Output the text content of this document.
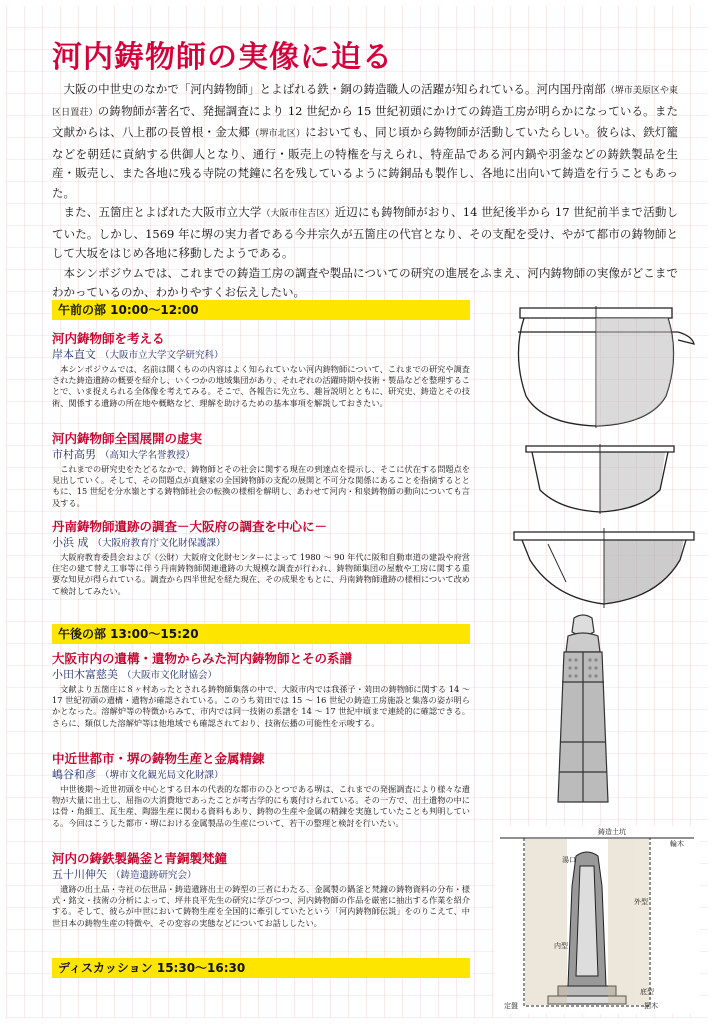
河内鋳物師の実像に迫る

大阪の中世史のなかで「河内鋳物師」とよばれる鉄・銅の鋳造職人の活躍が知られている。河内国丹南部（堺市美原区や東区日置荘）の鋳物師が著名で、発掘調査により 12 世紀から 15 世紀初頭にかけての鋳造工房が明らかになっている。また文献からは、八上郡の長曽根・金太郷（堺市北区）においても、同じ頃から鋳物師が活動していたらしい。彼らは、鉄灯籠などを朝廷に貢納する供御人となり、通行・販売上の特権を与えられ、特産品である河内鍋や羽釜などの鋳鉄製品を生産・販売し、また各地に残る寺院の梵鐘に名を残しているように鋳銅品も製作し、各地に出向いて鋳造を行うこともあった。

また、五箇庄とよばれた大阪市立大学（大阪市住吉区）近辺にも鋳物師がおり、14 世紀後半から 17 世紀前半まで活動していた。しかし、1569 年に堺の実力者である今井宗久が五箇庄の代官となり、その支配を受け、やがて都市の鋳物師として大坂をはじめ各地に移動したようである。

本シンポジウムでは、これまでの鋳造工房の調査や製品についての研究の進展をふまえ、河内鋳物師の実像がどこまでわかっているのか、わかりやすくお伝えしたい。

午前の部 10:00～12:00

河内鋳物師を考える

岸本直文 （大阪市立大学文学研究科）

本シンポジウムでは、名前は聞くものの内容はよく知られていない河内鋳物師について、これまでの研究や調査された鋳造遺跡の概要を紹介し、いくつかの地域集団があり、それぞれの活躍時期や技術・製品などを整理することで、いま捉えられる全体像を考えてみる。そこで、各報告に先立ち、趣旨説明とともに、研究史、鋳造とその技術、関係する遺跡の所在地や概略など、理解を助けるための基本事項を解説しておきたい。

河内鋳物師全国展開の虚実

市村高男 （高知大学名誉教授）

これまでの研究史をたどるなかで、鋳物師とその社会に関する現在の到達点を提示し、そこに伏在する問題点を見出していく。そして、その問題点が真継家の全国鋳物師の支配の展開と不可分な関係にあることを指摘するとともに、15 世紀を分水嶺とする鋳物師社会の転換の様相を解明し、あわせて河内・和泉鋳物師の動向についても言及する。

丹南鋳物師遺跡の調査－大阪府の調査を中心に－

小浜 成 （大阪府教育庁文化財保護課）

大阪府教育委員会および（公財）大阪府文化財センターによって 1980 ～ 90 年代に阪和自動車道の建設や府営住宅の建て替え工事等に伴う丹南鋳物師関連遺跡の大規模な調査が行われ、鋳物師集団の屋敷や工房に関する重要な知見が得られている。調査から四半世紀を経た現在、その成果をもとに、丹南鋳物師遺跡の様相について改めて検討してみたい。

午後の部 13:00～15:20

大阪市内の遺構・遺物からみた河内鋳物師とその系譜

小田木富慈美 （大阪市文化財協会）

文献より五箇庄に８ヶ村あったとされる鋳物師集落の中で、大阪市内では我孫子・苅田の鋳物師に関する 14 ～ 17 世紀初頭の遺構・遺物が確認されている。このうち苅田では 15 ～ 16 世紀の鋳造工房施設と集落の姿が明らかとなった。溶解炉等の特徴からみて、市内では同一技術の系譜を 14 ～ 17 世紀中頃まで連続的に確認できる。さらに、類似した溶解炉等は他地域でも確認されており、技術伝播の可能性を示唆する。

中近世都市・堺の鋳物生産と金属精錬

嶋谷和彦 （堺市文化観光局文化財課）

中世後期～近世初頭を中心とする日本の代表的な都市のひとつである堺は、これまでの発掘調査により様々な遺物が大量に出土し、屈指の大消費地であったことが考古学的にも裏付けられている。その一方で、出土遺物の中には骨・角細工、瓦生産、陶器生産に関わる資料もあり、鋳物の生産や金属の精錬を実施していたことも判明している。今回はこうした都市・堺における金属製品の生産について、若干の整理と検討を行いたい。

河内の鋳鉄製鍋釜と青銅製梵鐘

五十川伸矢 （鋳造遺跡研究会）

遺跡の出土品・寺社の伝世品・鋳造遺跡出土の鋳型の三者にわたる、金属製の鍋釜と梵鐘の鋳物資料の分布・様式・銘文・技術の分析によって、坪井良平先生の研究に学びつつ、河内鋳物師の作品を厳密に抽出する作業を紹介する。そして、彼らが中世において鋳物生産を全国的に牽引していたという「河内鋳物師伝説」をのりこえて、中世日本の鋳物生産の特徴や、その変容の実態などについてお話ししたい。

ディスカッション 15:30～16:30
鋳造土坑
輪木
湯口
外型
内型
底型
定盤	据木
